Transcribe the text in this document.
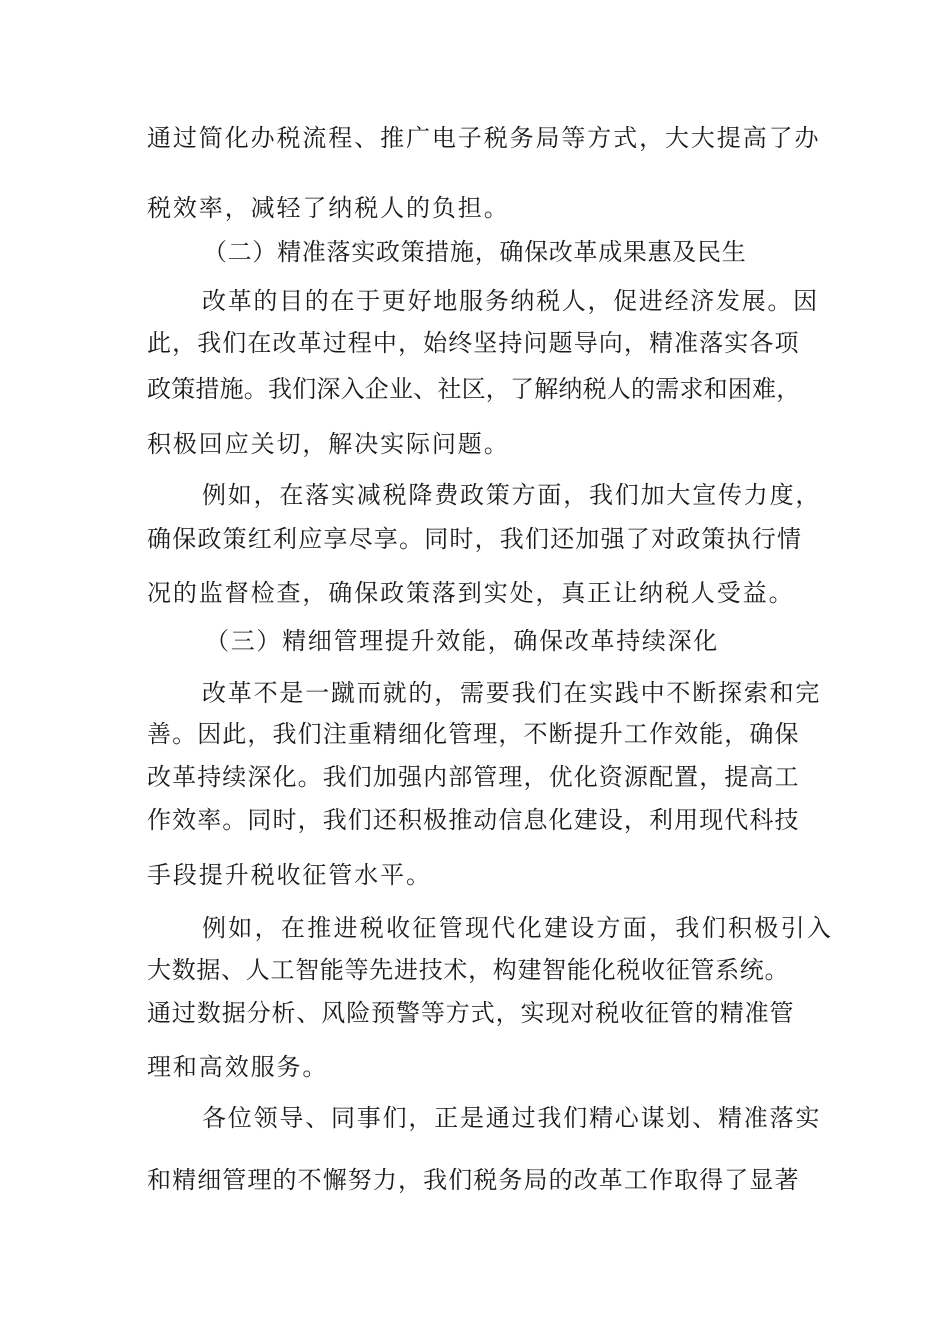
通过简化办税流程、推广电子税务局等方式，大大提高了办
税效率，减轻了纳税人的负担。
（二）精准落实政策措施，确保改革成果惠及民生
改革的目的在于更好地服务纳税人，促进经济发展。因
此，我们在改革过程中，始终坚持问题导向，精准落实各项
政策措施。我们深入企业、社区，了解纳税人的需求和困难，
积极回应关切，解决实际问题。
例如，在落实减税降费政策方面，我们加大宣传力度，
确保政策红利应享尽享。同时，我们还加强了对政策执行情
况的监督检查，确保政策落到实处，真正让纳税人受益。
（三）精细管理提升效能，确保改革持续深化
改革不是一蹴而就的，需要我们在实践中不断探索和完
善。因此，我们注重精细化管理，不断提升工作效能，确保
改革持续深化。我们加强内部管理，优化资源配置，提高工
作效率。同时，我们还积极推动信息化建设，利用现代科技
手段提升税收征管水平。
例如，在推进税收征管现代化建设方面，我们积极引入
大数据、人工智能等先进技术，构建智能化税收征管系统。
通过数据分析、风险预警等方式，实现对税收征管的精准管
理和高效服务。
各位领导、同事们，正是通过我们精心谋划、精准落实
和精细管理的不懈努力，我们税务局的改革工作取得了显著
